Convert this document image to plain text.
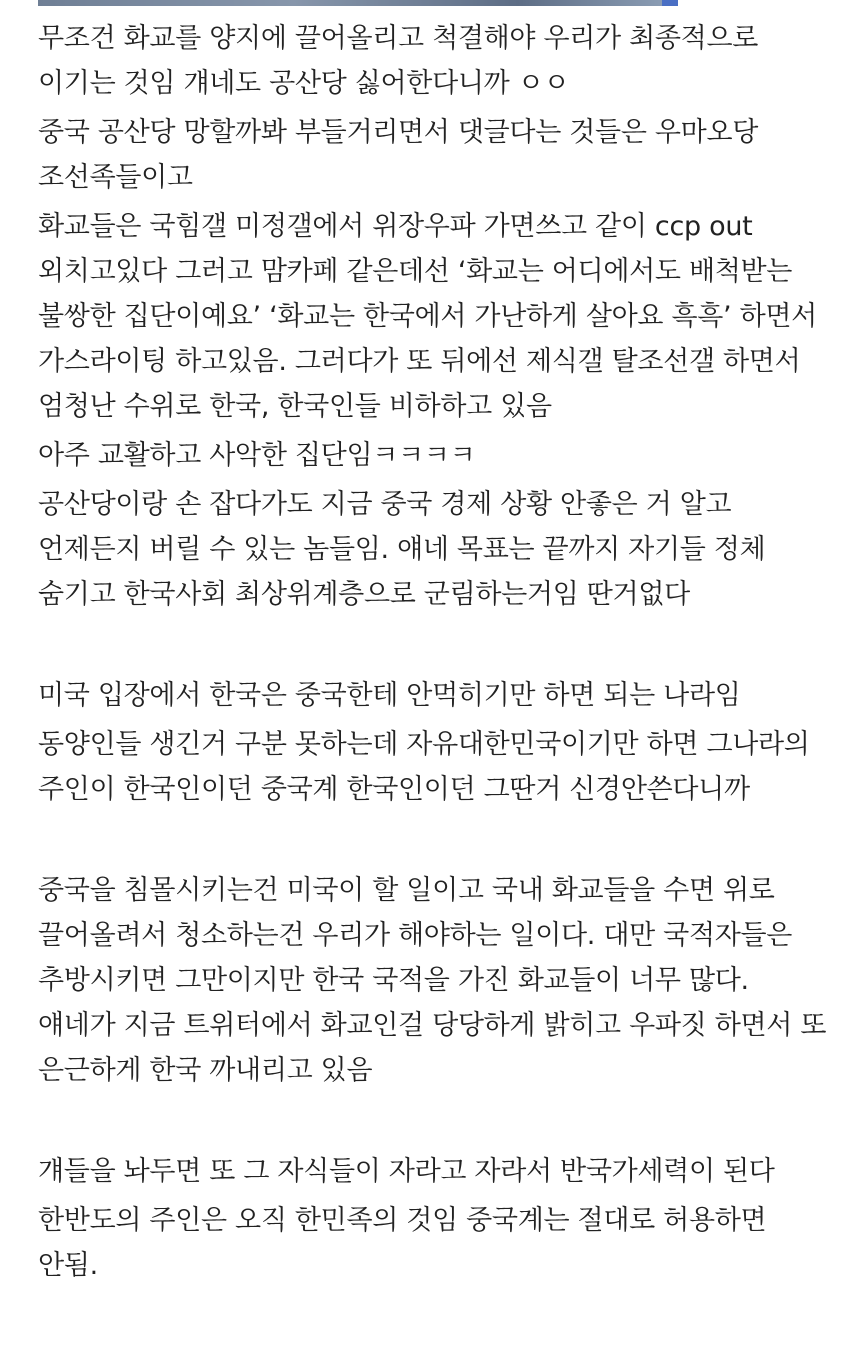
무조건 화교를 양지에 끌어올리고 척결해야 우리가 최종적으로 이기는 것임 걔네도 공산당 싫어한다니까 ㅇㅇ

중국 공산당 망할까봐 부들거리면서 댓글다는 것들은 우마오당 조선족들이고

화교들은 국힘갤 미정갤에서 위장우파 가면쓰고 같이 ccp out 외치고있다 그러고 맘카페 같은데선 ‘화교는 어디에서도 배척받는 불쌍한 집단이예요’ ‘화교는 한국에서 가난하게 살아요 흑흑’ 하면서 가스라이팅 하고있음. 그러다가 또 뒤에선 제식갤 탈조선갤 하면서 엄청난 수위로 한국, 한국인들 비하하고 있음

아주 교활하고 사악한 집단임ㅋㅋㅋㅋ

공산당이랑 손 잡다가도 지금 중국 경제 상황 안좋은 거 알고 언제든지 버릴 수 있는 놈들임. 얘네 목표는 끝까지 자기들 정체 숨기고 한국사회 최상위계층으로 군림하는거임 딴거없다

미국 입장에서 한국은 중국한테 안먹히기만 하면 되는 나라임

동양인들 생긴거 구분 못하는데 자유대한민국이기만 하면 그나라의 주인이 한국인이던 중국계 한국인이던 그딴거 신경안쓴다니까

중국을 침몰시키는건 미국이 할 일이고 국내 화교들을 수면 위로 끌어올려서 청소하는건 우리가 해야하는 일이다. 대만 국적자들은 추방시키면 그만이지만 한국 국적을 가진 화교들이 너무 많다. 얘네가 지금 트위터에서 화교인걸 당당하게 밝히고 우파짓 하면서 또 은근하게 한국 까내리고 있음

걔들을 놔두면 또 그 자식들이 자라고 자라서 반국가세력이 된다

한반도의 주인은 오직 한민족의 것임 중국계는 절대로 허용하면 안됨.
